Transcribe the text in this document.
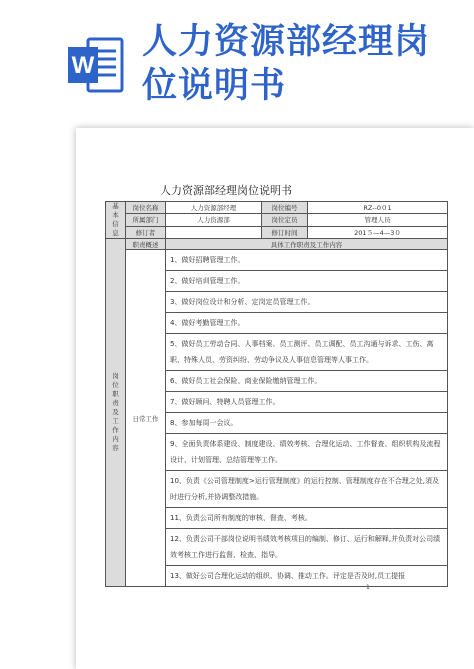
W
人力资源部经理岗位说明书
人力资源部经理岗位说明书
基本信息	岗位名称	人力资源部经理	岗位编号	RZ--0０1
	所属部门	人力资源部	岗位定员	管理人员
	修订者		修订时间	201５—4—3０
岗位职责及工作内容	职责概述	具体工作职责及工作内容		
	日常工作	1、做好招聘管理工作。		
		2、做好培训管理工作。		
		3、做好岗位设计和分析、定岗定员管理工作。		
		4、做好考勤管理工作。		
		5、做好员工劳动合同、人事档案、员工测评、员工调配、员工沟通与诉求、工伤、离职、特殊人员、劳资纠纷、劳动争议及人事信息管理等人事工作。		
		6、做好员工社会保险、商业保险缴纳管理工作。		
		7、做好顾问、特聘人员管理工作。		
		8、参加每周一会议。		
		9、全面负责体系建设、制度建设、绩效考核、合理化运动、工作督查、组织机构及流程设计、计划管理、总结管理等工作。		
		10、负责《公司管理制度>运行管理制度》的运行控制、管理制度存在不合理之处,須及时进行分析,并协调整改措施。		
		11、负责公司所有制度的审核、督查、考核。		
		12、负责公司干部岗位说明书绩效考核项目的编制、修订、运行和解释,并负责对公司绩效考核工作进行监督、检查、指导。		
		13、做好公司合理化运动的组织、协调、推动工作。评定是否及时,员工提报		
1
